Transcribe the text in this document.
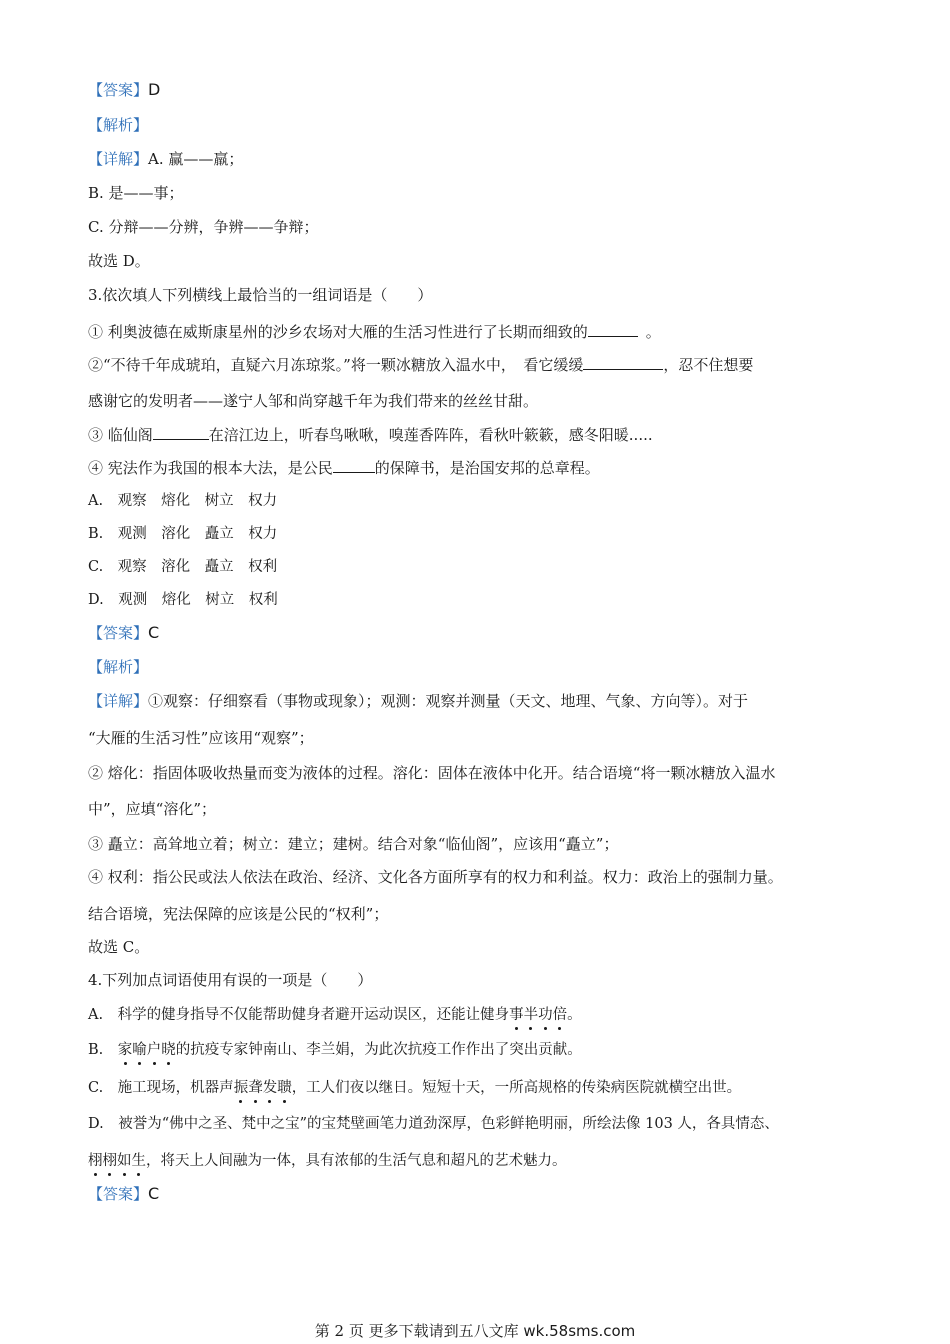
【答案】D
【解析】
【详解】A. 赢——羸；
B. 是——事；
C. 分辩——分辨，争辨——争辩；
故选 D。
3.依次填人下列横线上最恰当的一组词语是（　　）
① 利奥波德在威斯康星州的沙乡农场对大雁的生活习性进行了长期而细致的	。
②“不待千年成琥珀，直疑六月冻琼浆。”将一颗冰糖放入温水中，　看它缓缓	，忍不住想要
感谢它的发明者——遂宁人邹和尚穿越千年为我们带来的丝丝甘甜。
③ 临仙阁	在涪江边上，听春鸟啾啾，嗅莲香阵阵，看秋叶簌簌，感冬阳暖.....
④ 宪法作为我国的根本大法，是公民	的保障书，是治国安邦的总章程。
A.　观察　熔化　树立　权力
B.　观测　溶化　矗立　权力
C.　观察　溶化　矗立　权利
D.　观测　熔化　树立　权利
【答案】C
【解析】
【详解】①观察：仔细察看（事物或现象）；观测：观察并测量（天文、地理、气象、方向等）。对于
“大雁的生活习性”应该用“观察”；
② 熔化：指固体吸收热量而变为液体的过程。溶化：固体在液体中化开。结合语境“将一颗冰糖放入温水
中”，应填“溶化”；
③ 矗立：高耸地立着；树立：建立；建树。结合对象“临仙阁”，应该用“矗立”；
④ 权利：指公民或法人依法在政治、经济、文化各方面所享有的权力和利益。权力：政治上的强制力量。
结合语境，宪法保障的应该是公民的“权利”；
故选 C。
4.下列加点词语使用有误的一项是（　　）
A.　科学的健身指导不仅能帮助健身者避开运动误区，还能让健身事半功倍。
B.　家喻户晓的抗疫专家钟南山、李兰娟，为此次抗疫工作作出了突出贡献。
C.　施工现场，机器声振聋发聩，工人们夜以继日。短短十天，一所高规格的传染病医院就横空出世。
D.　被誉为“佛中之圣、梵中之宝”的宝梵壁画笔力道劲深厚，色彩鲜艳明丽，所绘法像 103 人，各具情态、
栩栩如生，将天上人间融为一体，具有浓郁的生活气息和超凡的艺术魅力。
【答案】C
第 2 页 更多下载请到五八文库 wk.58sms.com
